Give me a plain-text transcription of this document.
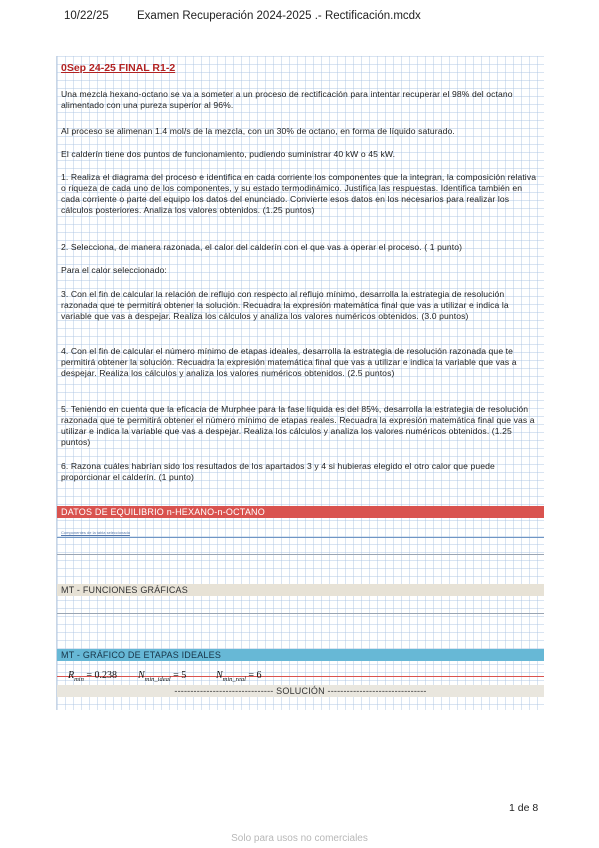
10/22/25 Examen Recuperación 2024-2025 .- Rectificación.mcdx
0Sep 24-25 FINAL R1-2
Una mezcla hexano-octano se va a someter a un proceso de rectificación para intentar recuperar el 98% del octano alimentado con una pureza superior al 96%.
Al proceso se alimenan 1.4 mol/s de la mezcla, con un 30% de octano, en forma de líquido saturado.
El calderín tiene dos puntos de funcionamiento, pudiendo suministrar 40 kW o 45 kW.
1. Realiza el diagrama del proceso e identifica en cada corriente los componentes que la integran, la composición relativa o riqueza de cada uno de los componentes, y su estado termodinámico. Justifica las respuestas. Identifica también en cada corriente o parte del equipo los datos del enunciado. Convierte esos datos en los necesarios para realizar los cálculos posteriores. Analiza los valores obtenidos. (1.25 puntos)
2. Selecciona, de manera razonada, el calor del calderín con el que vas a operar el proceso. ( 1 punto)
Para el calor seleccionado:
3. Con el fin de calcular la relación de reflujo con respecto al reflujo mínimo, desarrolla la estrategia de resolución razonada que te permitirá obtener la solución. Recuadra la expresión matemática final que vas a utilizar e indica la variable que vas a despejar. Realiza los cálculos y analiza los valores numéricos obtenidos. (3.0 puntos)
4. Con el fin de calcular el número mínimo de etapas ideales, desarrolla la estrategia de resolución razonada que te permitirá obtener la solución. Recuadra la expresión matemática final que vas a utilizar e indica la variable que vas a despejar. Realiza los cálculos y analiza los valores numéricos obtenidos. (2.5 puntos)
5. Teniendo en cuenta que la eficacia de Murphee para la fase líquida es del 85%, desarrolla la estrategia de resolución razonada que te permitirá obtener el número mínimo de etapas reales. Recuadra la expresión matemática final que vas a utilizar e indica la variable que vas a despejar. Realiza los cálculos y analiza los valores numéricos obtenidos. (1.25 puntos)
6. Razona cuáles habrían sido los resultados de los apartados 3 y 4 si hubieras elegido el otro calor que puede proporcionar el calderín. (1 punto)
DATOS DE EQUILIBRIO n-HEXANO-n-OCTANO
Componentes de la tabla seleccionada
MT - FUNCIONES GRÁFICAS
MT - GRÁFICO DE ETAPAS IDEALES
------------------------------- SOLUCIÓN -------------------------------
$R_{min} = 0.238$ $N_{min\_ideal} = 5$	$N_{min\_real} = 6$
1 de 8
Solo para usos no comerciales
